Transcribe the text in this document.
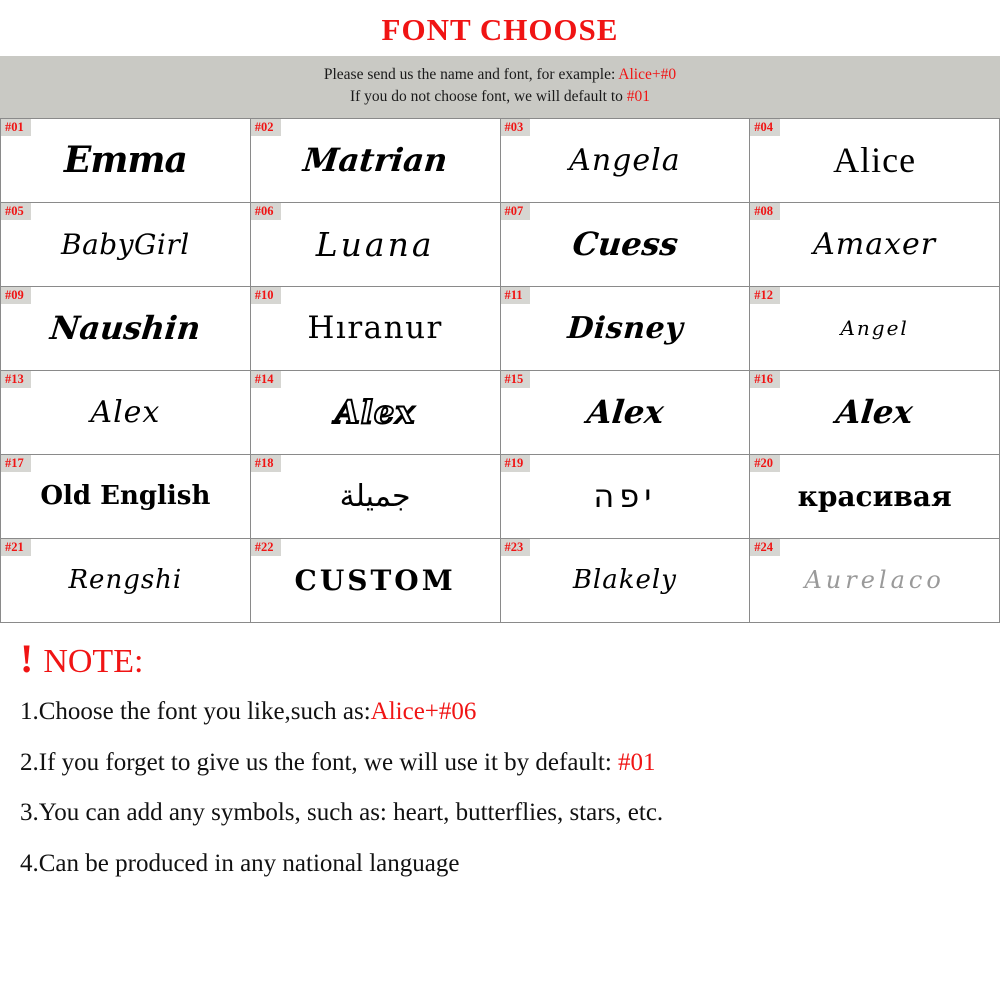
FONT CHOOSE
Please send us the name and font, for example: Alice+#0
If you do not choose font, we will default to #01
#01
Emma
#02
Matrian
#03
Angela
#04
Alice
#05
BabyGirl
#06
Luana
#07
Cuess
#08
Amaxer
#09
Naushin
#10
Hıranur
#11
Disney
#12
Angel
#13
Alex
#14
Alex
#15
Alex
#16
Alex
#17
Old English
#18
جميلة
#19
יפה
#20
красивая
#21
Rengshi
#22
CUSTOM
#23
Blakely
#24
Aurelaco
! NOTE:
1.Choose the font you like,such as:Alice+#06
2.If you forget to give us the font, we will use it by default: #01
3.You can add any symbols, such as: heart, butterflies, stars, etc.
4.Can be produced in any national language
